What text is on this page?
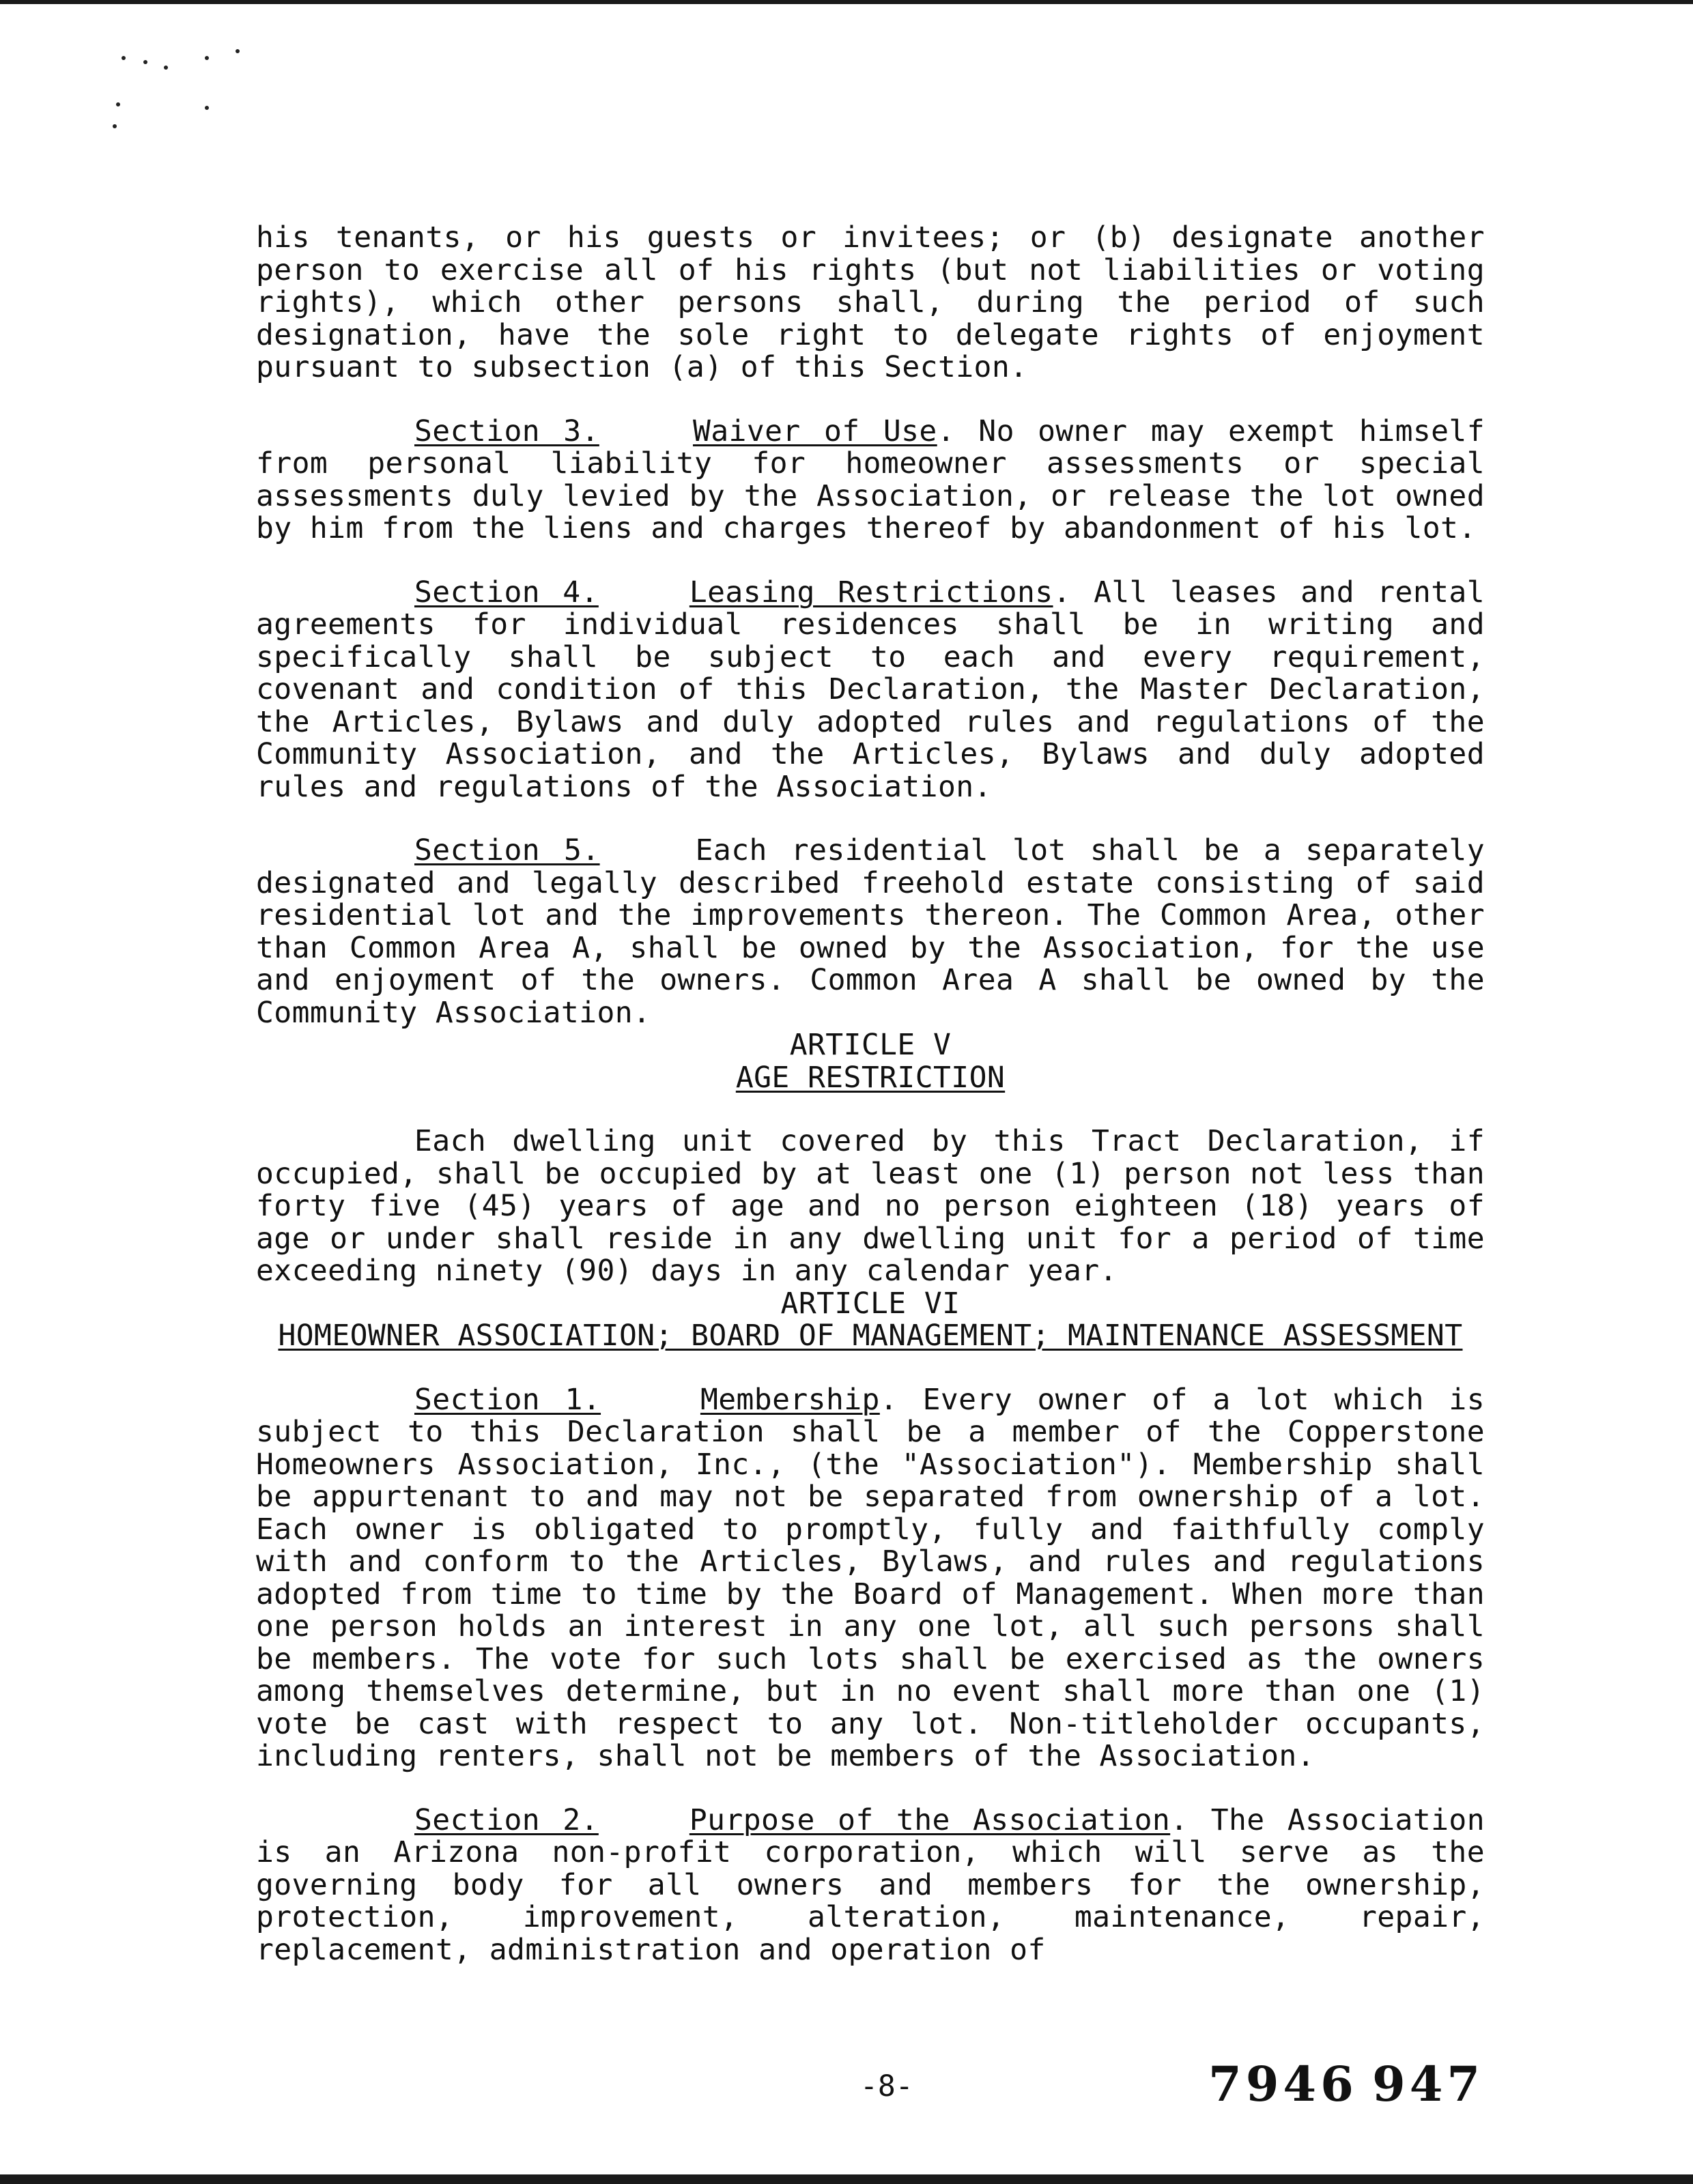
his tenants, or his guests or invitees; or (b) designate another person to exercise all of his rights (but not liabilities or voting rights), which other persons shall, during the period of such designation, have the sole right to delegate rights of enjoyment pursuant to subsection (a) of this Section.

Section 3.	Waiver of Use. No owner may exempt himself from personal liability for homeowner assessments or special assessments duly levied by the Association, or release the lot owned by him from the liens and charges thereof by abandonment of his lot.

Section 4.	Leasing Restrictions. All leases and rental agreements for individual residences shall be in writing and specifically shall be subject to each and every requirement, covenant and condition of this Declaration, the Master Declaration, the Articles, Bylaws and duly adopted rules and regulations of the Community Association, and the Articles, Bylaws and duly adopted rules and regulations of the Association.

Section 5.	Each residential lot shall be a separately designated and legally described freehold estate consisting of said residential lot and the improvements thereon. The Common Area, other than Common Area A, shall be owned by the Association, for the use and enjoyment of the owners. Common Area A shall be owned by the Community Association.

ARTICLE V

AGE RESTRICTION

Each dwelling unit covered by this Tract Declaration, if occupied, shall be occupied by at least one (1) person not less than forty five (45) years of age and no person eighteen (18) years of age or under shall reside in any dwelling unit for a period of time exceeding ninety (90) days in any calendar year.

ARTICLE VI

HOMEOWNER ASSOCIATION; BOARD OF MANAGEMENT; MAINTENANCE ASSESSMENT

Section 1.	Membership. Every owner of a lot which is subject to this Declaration shall be a member of the Copperstone Homeowners Association, Inc., (the "Association"). Membership shall be appurtenant to and may not be separated from ownership of a lot. Each owner is obligated to promptly, fully and faithfully comply with and conform to the Articles, Bylaws, and rules and regulations adopted from time to time by the Board of Management. When more than one person holds an interest in any one lot, all such persons shall be members. The vote for such lots shall be exercised as the owners among themselves determine, but in no event shall more than one (1) vote be cast with respect to any lot. Non-titleholder occupants, including renters, shall not be members of the Association.

Section 2.	Purpose of the Association. The Association is an Arizona non-profit corporation, which will serve as the governing body for all owners and members for the ownership, protection, improvement, alteration, maintenance, repair, replacement, administration and operation of

-8-	7946 947
